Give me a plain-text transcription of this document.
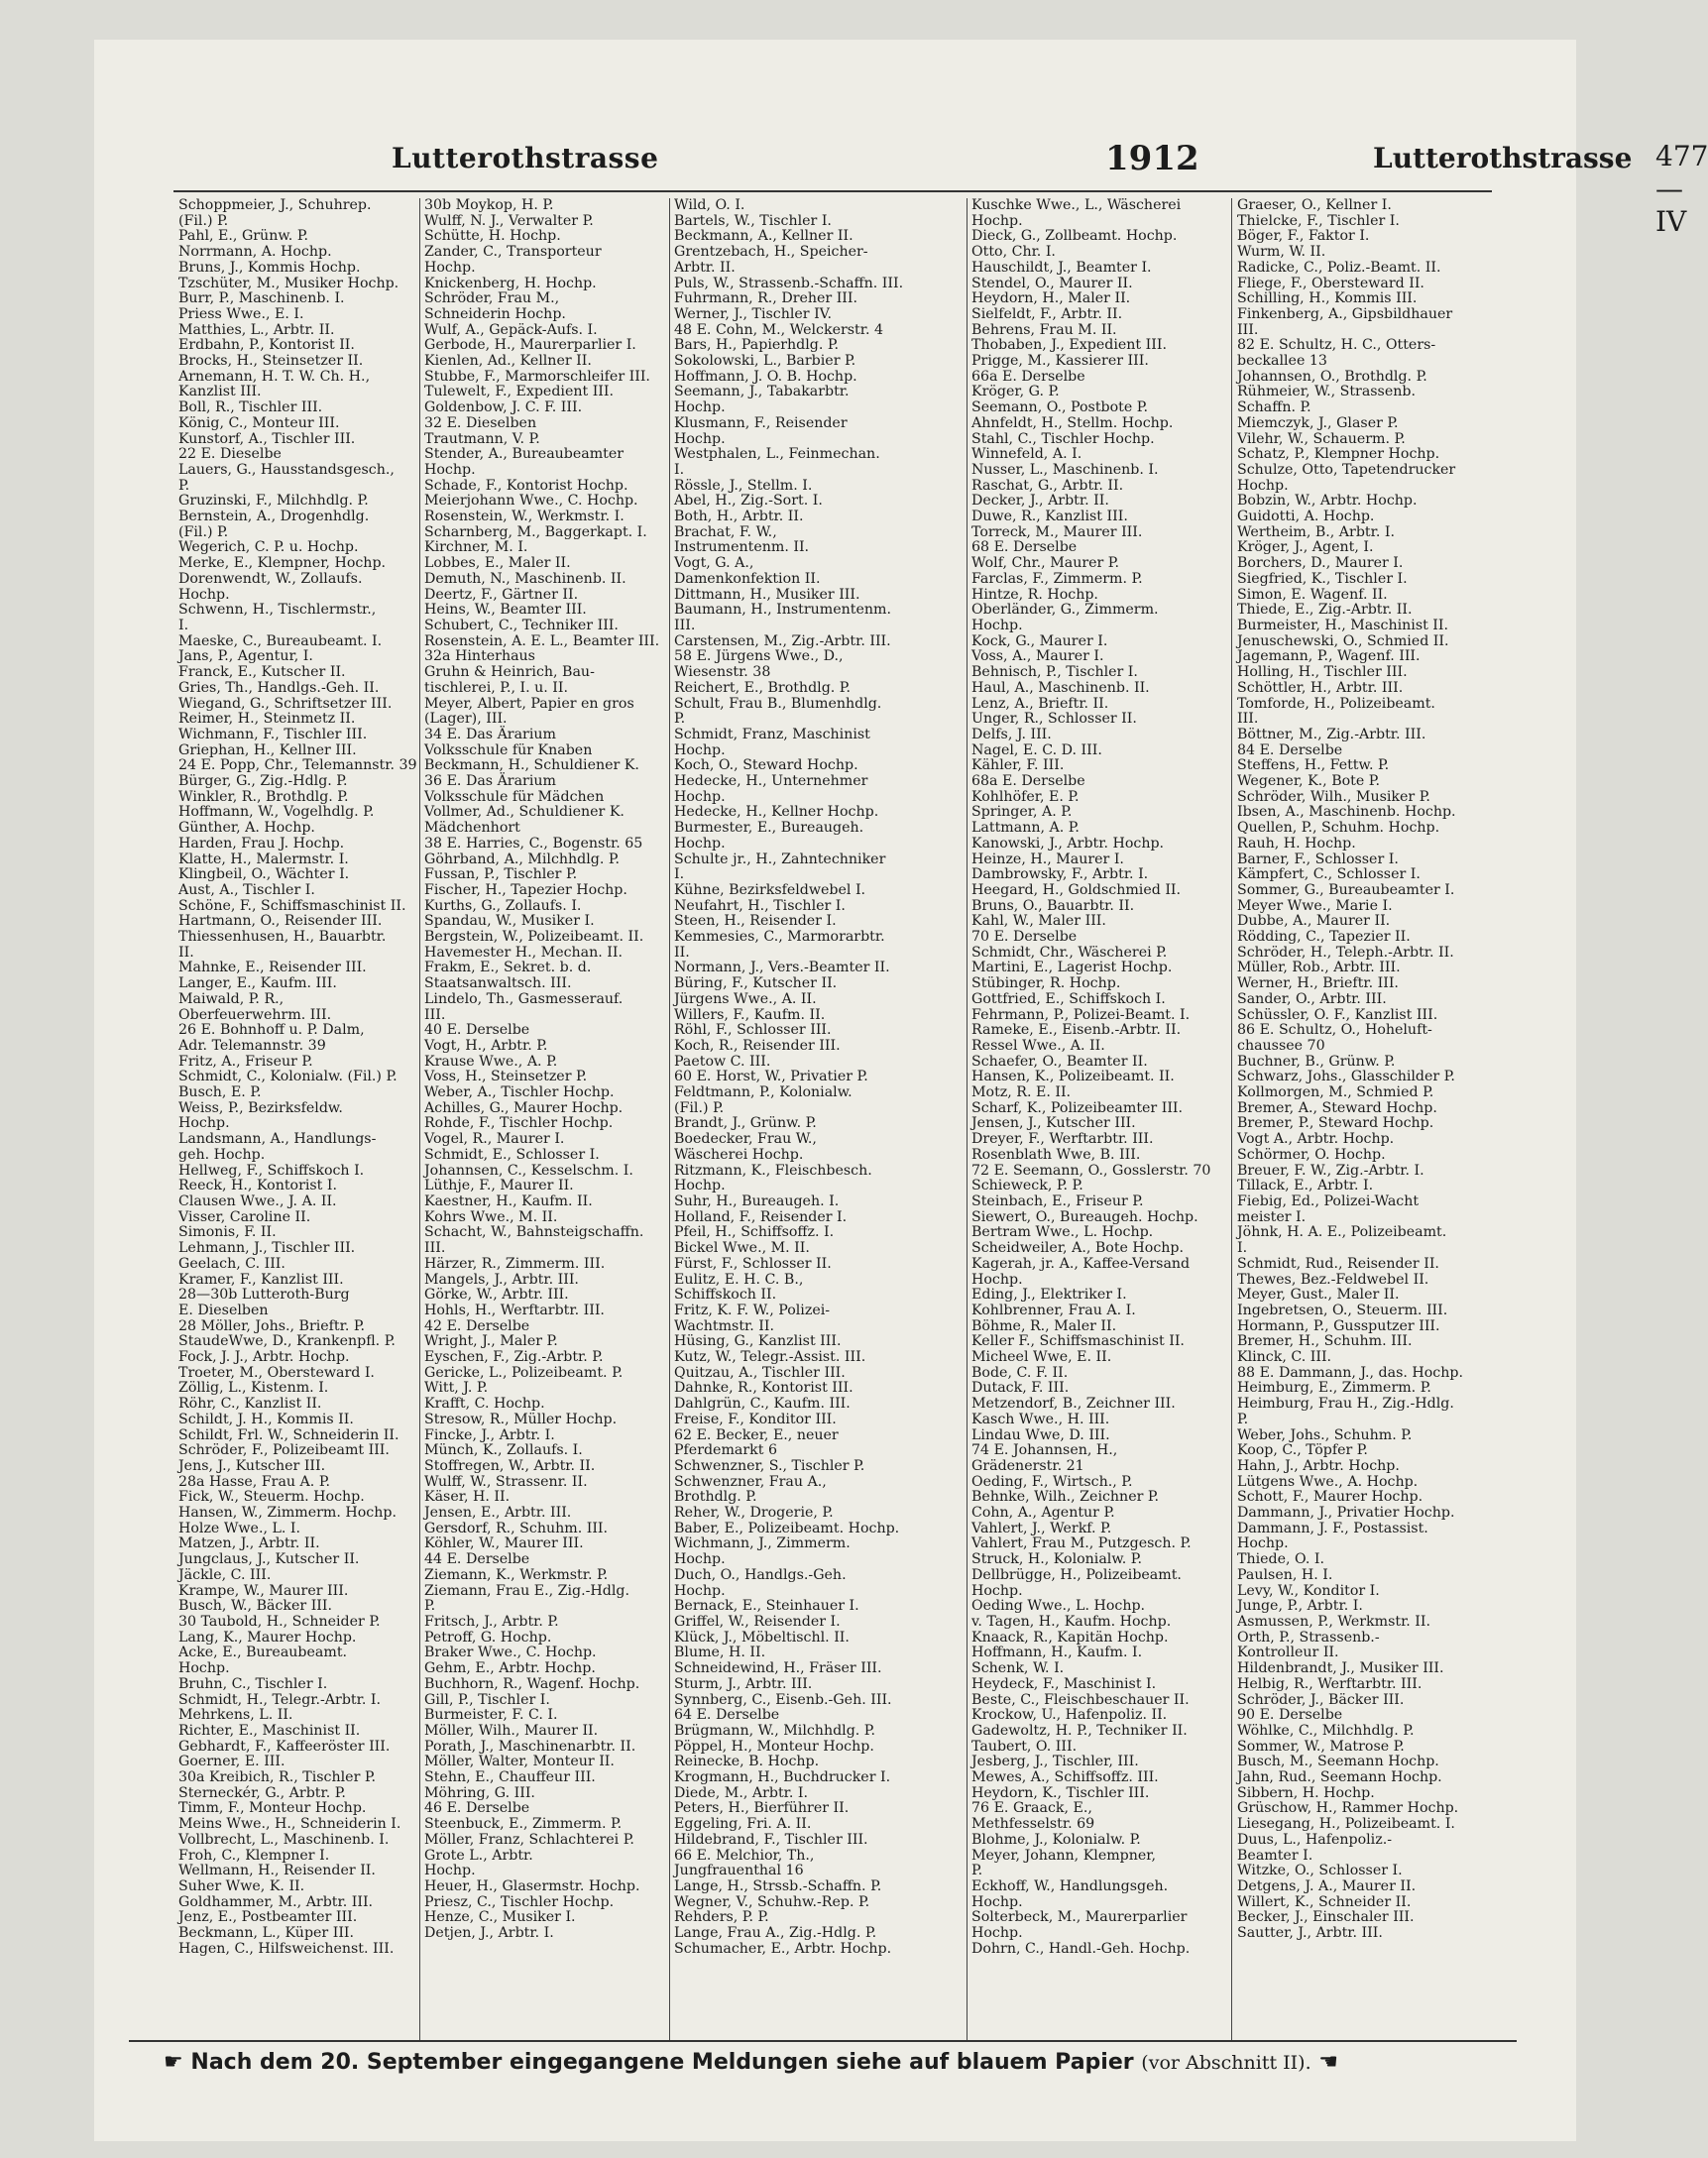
Lutterothstrasse	1912	Lutterothstrasse 477—IV
Schoppmeier, J., Schuhrep.
(Fil.) P.
Pahl, E., Grünw. P.
Norrmann, A. Hochp.
Bruns, J., Kommis Hochp.
Tzschüter, M., Musiker Hochp.
Burr, P., Maschinenb. I.
Priess Wwe., E. I.
Matthies, L., Arbtr. II.
Erdbahn, P., Kontorist II.
Brocks, H., Steinsetzer II.
Arnemann, H. T. W. Ch. H.,
Kanzlist III.
Boll, R., Tischler III.
König, C., Monteur III.
Kunstorf, A., Tischler III.
22 E. Dieselbe
Lauers, G., Hausstandsgesch.,
P.
Gruzinski, F., Milchhdlg. P.
Bernstein, A., Drogenhdlg.
(Fil.) P.
Wegerich, C. P. u. Hochp.
Merke, E., Klempner, Hochp.
Dorenwendt, W., Zollaufs.
Hochp.
Schwenn, H., Tischlermstr.,
I.
Maeske, C., Bureaubeamt. I.
Jans, P., Agentur, I.
Franck, E., Kutscher II.
Gries, Th., Handlgs.-Geh. II.
Wiegand, G., Schriftsetzer III.
Reimer, H., Steinmetz II.
Wichmann, F., Tischler III.
Griephan, H., Kellner III.
24 E. Popp, Chr., Telemannstr. 39
Bürger, G., Zig.-Hdlg. P.
Winkler, R., Brothdlg. P.
Hoffmann, W., Vogelhdlg. P.
Günther, A. Hochp.
Harden, Frau J. Hochp.
Klatte, H., Malermstr. I.
Klingbeil, O., Wächter I.
Aust, A., Tischler I.
Schöne, F., Schiffsmaschinist II.
Hartmann, O., Reisender III.
Thiessenhusen, H., Bauarbtr.
II.
Mahnke, E., Reisender III.
Langer, E., Kaufm. III.
Maiwald, P. R.,
Oberfeuerwehrm. III.
26 E. Bohnhoff u. P. Dalm,
Adr. Telemannstr. 39
Fritz, A., Friseur P.
Schmidt, C., Kolonialw. (Fil.) P.
Busch, E. P.
Weiss, P., Bezirksfeldw.
Hochp.
Landsmann, A., Handlungs-
geh. Hochp.
Hellweg, F., Schiffskoch I.
Reeck, H., Kontorist I.
Clausen Wwe., J. A. II.
Visser, Caroline II.
Simonis, F. II.
Lehmann, J., Tischler III.
Geelach, C. III.
Kramer, F., Kanzlist III.
28—30b Lutteroth-Burg
E. Dieselben
28 Möller, Johs., Brieftr. P.
StaudeWwe, D., Krankenpfl. P.
Fock, J. J., Arbtr. Hochp.
Troeter, M., Obersteward I.
Zöllig, L., Kistenm. I.
Röhr, C., Kanzlist II.
Schildt, J. H., Kommis II.
Schildt, Frl. W., Schneiderin II.
Schröder, F., Polizeibeamt III.
Jens, J., Kutscher III.
28a Hasse, Frau A. P.
Fick, W., Steuerm. Hochp.
Hansen, W., Zimmerm. Hochp.
Holze Wwe., L. I.
Matzen, J., Arbtr. II.
Jungclaus, J., Kutscher II.
Jäckle, C. III.
Krampe, W., Maurer III.
Busch, W., Bäcker III.
30 Taubold, H., Schneider P.
Lang, K., Maurer Hochp.
Acke, E., Bureaubeamt.
Hochp.
Bruhn, C., Tischler I.
Schmidt, H., Telegr.-Arbtr. I.
Mehrkens, L. II.
Richter, E., Maschinist II.
Gebhardt, F., Kaffeeröster III.
Goerner, E. III.
30a Kreibich, R., Tischler P.
Sterneckér, G., Arbtr. P.
Timm, F., Monteur Hochp.
Meins Wwe., H., Schneiderin I.
Vollbrecht, L., Maschinenb. I.
Froh, C., Klempner I.
Wellmann, H., Reisender II.
Suher Wwe, K. II.
Goldhammer, M., Arbtr. III.
Jenz, E., Postbeamter III.
Beckmann, L., Küper III.
Hagen, C., Hilfsweichenst. III.
30b Moykop, H. P.
Wulff, N. J., Verwalter P.
Schütte, H. Hochp.
Zander, C., Transporteur
Hochp.
Knickenberg, H. Hochp.
Schröder, Frau M.,
Schneiderin Hochp.
Wulf, A., Gepäck-Aufs. I.
Gerbode, H., Maurerparlier I.
Kienlen, Ad., Kellner II.
Stubbe, F., Marmorschleifer III.
Tulewelt, F., Expedient III.
Goldenbow, J. C. F. III.
32 E. Dieselben
Trautmann, V. P.
Stender, A., Bureaubeamter
Hochp.
Schade, F., Kontorist Hochp.
Meierjohann Wwe., C. Hochp.
Rosenstein, W., Werkmstr. I.
Scharnberg, M., Baggerkapt. I.
Kirchner, M. I.
Lobbes, E., Maler II.
Demuth, N., Maschinenb. II.
Deertz, F., Gärtner II.
Heins, W., Beamter III.
Schubert, C., Techniker III.
Rosenstein, A. E. L., Beamter III.
32a Hinterhaus
Gruhn & Heinrich, Bau-
tischlerei, P., I. u. II.
Meyer, Albert, Papier en gros
(Lager), III.
34 E. Das Ärarium
Volksschule für Knaben
Beckmann, H., Schuldiener K.
36 E. Das Ärarium
Volksschule für Mädchen
Vollmer, Ad., Schuldiener K.
Mädchenhort
38 E. Harries, C., Bogenstr. 65
Göhrband, A., Milchhdlg. P.
Fussan, P., Tischler P.
Fischer, H., Tapezier Hochp.
Kurths, G., Zollaufs. I.
Spandau, W., Musiker I.
Bergstein, W., Polizeibeamt. II.
Havemester H., Mechan. II.
Frakm, E., Sekret. b. d.
Staatsanwaltsch. III.
Lindelo, Th., Gasmesserauf.
III.
40 E. Derselbe
Vogt, H., Arbtr. P.
Krause Wwe., A. P.
Voss, H., Steinsetzer P.
Weber, A., Tischler Hochp.
Achilles, G., Maurer Hochp.
Rohde, F., Tischler Hochp.
Vogel, R., Maurer I.
Schmidt, E., Schlosser I.
Johannsen, C., Kesselschm. I.
Lüthje, F., Maurer II.
Kaestner, H., Kaufm. II.
Kohrs Wwe., M. II.
Schacht, W., Bahnsteigschaffn.
III.
Härzer, R., Zimmerm. III.
Mangels, J., Arbtr. III.
Görke, W., Arbtr. III.
Hohls, H., Werftarbtr. III.
42 E. Derselbe
Wright, J., Maler P.
Eyschen, F., Zig.-Arbtr. P.
Gericke, L., Polizeibeamt. P.
Witt, J. P.
Krafft, C. Hochp.
Stresow, R., Müller Hochp.
Fincke, J., Arbtr. I.
Münch, K., Zollaufs. I.
Stoffregen, W., Arbtr. II.
Wulff, W., Strassenr. II.
Käser, H. II.
Jensen, E., Arbtr. III.
Gersdorf, R., Schuhm. III.
Köhler, W., Maurer III.
44 E. Derselbe
Ziemann, K., Werkmstr. P.
Ziemann, Frau E., Zig.-Hdlg.
P.
Fritsch, J., Arbtr. P.
Petroff, G. Hochp.
Braker Wwe., C. Hochp.
Gehm, E., Arbtr. Hochp.
Buchhorn, R., Wagenf. Hochp.
Gill, P., Tischler I.
Burmeister, F. C. I.
Möller, Wilh., Maurer II.
Porath, J., Maschinenarbtr. II.
Möller, Walter, Monteur II.
Stehn, E., Chauffeur III.
Möhring, G. III.
46 E. Derselbe
Steenbuck, E., Zimmerm. P.
Möller, Franz, Schlachterei P.
Grote L., Arbtr.
Hochp.
Heuer, H., Glasermstr. Hochp.
Priesz, C., Tischler Hochp.
Henze, C., Musiker I.
Detjen, J., Arbtr. I.
Wild, O. I.
Bartels, W., Tischler I.
Beckmann, A., Kellner II.
Grentzebach, H., Speicher-
Arbtr. II.
Puls, W., Strassenb.-Schaffn. III.
Fuhrmann, R., Dreher III.
Werner, J., Tischler IV.
48 E. Cohn, M., Welckerstr. 4
Bars, H., Papierhdlg. P.
Sokolowski, L., Barbier P.
Hoffmann, J. O. B. Hochp.
Seemann, J., Tabakarbtr.
Hochp.
Klusmann, F., Reisender
Hochp.
Westphalen, L., Feinmechan.
I.
Rössle, J., Stellm. I.
Abel, H., Zig.-Sort. I.
Both, H., Arbtr. II.
Brachat, F. W.,
Instrumentenm. II.
Vogt, G. A.,
Damenkonfektion II.
Dittmann, H., Musiker III.
Baumann, H., Instrumentenm.
III.
Carstensen, M., Zig.-Arbtr. III.
58 E. Jürgens Wwe., D.,
Wiesenstr. 38
Reichert, E., Brothdlg. P.
Schult, Frau B., Blumenhdlg.
P.
Schmidt, Franz, Maschinist
Hochp.
Koch, O., Steward Hochp.
Hedecke, H., Unternehmer
Hochp.
Hedecke, H., Kellner Hochp.
Burmester, E., Bureaugeh.
Hochp.
Schulte jr., H., Zahntechniker
I.
Kühne, Bezirksfeldwebel I.
Neufahrt, H., Tischler I.
Steen, H., Reisender I.
Kemmesies, C., Marmorarbtr.
II.
Normann, J., Vers.-Beamter II.
Büring, F., Kutscher II.
Jürgens Wwe., A. II.
Willers, F., Kaufm. II.
Röhl, F., Schlosser III.
Koch, R., Reisender III.
Paetow C. III.
60 E. Horst, W., Privatier P.
Feldtmann, P., Kolonialw.
(Fil.) P.
Brandt, J., Grünw. P.
Boedecker, Frau W.,
Wäscherei Hochp.
Ritzmann, K., Fleischbesch.
Hochp.
Suhr, H., Bureaugeh. I.
Holland, F., Reisender I.
Pfeil, H., Schiffsoffz. I.
Bickel Wwe., M. II.
Fürst, F., Schlosser II.
Eulitz, E. H. C. B.,
Schiffskoch II.
Fritz, K. F. W., Polizei-
Wachtmstr. II.
Hüsing, G., Kanzlist III.
Kutz, W., Telegr.-Assist. III.
Quitzau, A., Tischler III.
Dahnke, R., Kontorist III.
Dahlgrün, C., Kaufm. III.
Freise, F., Konditor III.
62 E. Becker, E., neuer
Pferdemarkt 6
Schwenzner, S., Tischler P.
Schwenzner, Frau A.,
Brothdlg. P.
Reher, W., Drogerie, P.
Baber, E., Polizeibeamt. Hochp.
Wichmann, J., Zimmerm.
Hochp.
Duch, O., Handlgs.-Geh.
Hochp.
Bernack, E., Steinhauer I.
Griffel, W., Reisender I.
Klück, J., Möbeltischl. II.
Blume, H. II.
Schneidewind, H., Fräser III.
Sturm, J., Arbtr. III.
Synnberg, C., Eisenb.-Geh. III.
64 E. Derselbe
Brügmann, W., Milchhdlg. P.
Pöppel, H., Monteur Hochp.
Reinecke, B. Hochp.
Krogmann, H., Buchdrucker I.
Diede, M., Arbtr. I.
Peters, H., Bierführer II.
Eggeling, Fri. A. II.
Hildebrand, F., Tischler III.
66 E. Melchior, Th.,
Jungfrauenthal 16
Lange, H., Strssb.-Schaffn. P.
Wegner, V., Schuhw.-Rep. P.
Rehders, P. P.
Lange, Frau A., Zig.-Hdlg. P.
Schumacher, E., Arbtr. Hochp.
Kuschke Wwe., L., Wäscherei
Hochp.
Dieck, G., Zollbeamt. Hochp.
Otto, Chr. I.
Hauschildt, J., Beamter I.
Stendel, O., Maurer II.
Heydorn, H., Maler II.
Sielfeldt, F., Arbtr. II.
Behrens, Frau M. II.
Thobaben, J., Expedient III.
Prigge, M., Kassierer III.
66a E. Derselbe
Kröger, G. P.
Seemann, O., Postbote P.
Ahnfeldt, H., Stellm. Hochp.
Stahl, C., Tischler Hochp.
Winnefeld, A. I.
Nusser, L., Maschinenb. I.
Raschat, G., Arbtr. II.
Decker, J., Arbtr. II.
Duwe, R., Kanzlist III.
Torreck, M., Maurer III.
68 E. Derselbe
Wolf, Chr., Maurer P.
Farclas, F., Zimmerm. P.
Hintze, R. Hochp.
Oberländer, G., Zimmerm.
Hochp.
Kock, G., Maurer I.
Voss, A., Maurer I.
Behnisch, P., Tischler I.
Haul, A., Maschinenb. II.
Lenz, A., Brieftr. II.
Unger, R., Schlosser II.
Delfs, J. III.
Nagel, E. C. D. III.
Kähler, F. III.
68a E. Derselbe
Kohlhöfer, E. P.
Springer, A. P.
Lattmann, A. P.
Kanowski, J., Arbtr. Hochp.
Heinze, H., Maurer I.
Dambrowsky, F., Arbtr. I.
Heegard, H., Goldschmied II.
Bruns, O., Bauarbtr. II.
Kahl, W., Maler III.
70 E. Derselbe
Schmidt, Chr., Wäscherei P.
Martini, E., Lagerist Hochp.
Stübinger, R. Hochp.
Gottfried, E., Schiffskoch I.
Fehrmann, P., Polizei-Beamt. I.
Rameke, E., Eisenb.-Arbtr. II.
Ressel Wwe., A. II.
Schaefer, O., Beamter II.
Hansen, K., Polizeibeamt. II.
Motz, R. E. II.
Scharf, K., Polizeibeamter III.
Jensen, J., Kutscher III.
Dreyer, F., Werftarbtr. III.
Rosenblath Wwe, B. III.
72 E. Seemann, O., Gosslerstr. 70
Schieweck, P. P.
Steinbach, E., Friseur P.
Siewert, O., Bureaugeh. Hochp.
Bertram Wwe., L. Hochp.
Scheidweiler, A., Bote Hochp.
Kagerah, jr. A., Kaffee-Versand
Hochp.
Eding, J., Elektriker I.
Kohlbrenner, Frau A. I.
Böhme, R., Maler II.
Keller F., Schiffsmaschinist II.
Micheel Wwe, E. II.
Bode, C. F. II.
Dutack, F. III.
Metzendorf, B., Zeichner III.
Kasch Wwe., H. III.
Lindau Wwe, D. III.
74 E. Johannsen, H.,
Grädenerstr. 21
Oeding, F., Wirtsch., P.
Behnke, Wilh., Zeichner P.
Cohn, A., Agentur P.
Vahlert, J., Werkf. P.
Vahlert, Frau M., Putzgesch. P.
Struck, H., Kolonialw. P.
Dellbrügge, H., Polizeibeamt.
Hochp.
Oeding Wwe., L. Hochp.
v. Tagen, H., Kaufm. Hochp.
Knaack, R., Kapitän Hochp.
Hoffmann, H., Kaufm. I.
Schenk, W. I.
Heydeck, F., Maschinist I.
Beste, C., Fleischbeschauer II.
Krockow, U., Hafenpoliz. II.
Gadewoltz, H. P., Techniker II.
Taubert, O. III.
Jesberg, J., Tischler, III.
Mewes, A., Schiffsoffz. III.
Heydorn, K., Tischler III.
76 E. Graack, E.,
Methfesselstr. 69
Blohme, J., Kolonialw. P.
Meyer, Johann, Klempner,
P.
Eckhoff, W., Handlungsgeh.
Hochp.
Solterbeck, M., Maurerparlier
Hochp.
Dohrn, C., Handl.-Geh. Hochp.
Graeser, O., Kellner I.
Thielcke, F., Tischler I.
Böger, F., Faktor I.
Wurm, W. II.
Radicke, C., Poliz.-Beamt. II.
Fliege, F., Obersteward II.
Schilling, H., Kommis III.
Finkenberg, A., Gipsbildhauer
III.
82 E. Schultz, H. C., Otters-
beckallee 13
Johannsen, O., Brothdlg. P.
Rühmeier, W., Strassenb.
Schaffn. P.
Miemczyk, J., Glaser P.
Vilehr, W., Schauerm. P.
Schatz, P., Klempner Hochp.
Schulze, Otto, Tapetendrucker
Hochp.
Bobzin, W., Arbtr. Hochp.
Guidotti, A. Hochp.
Wertheim, B., Arbtr. I.
Kröger, J., Agent, I.
Borchers, D., Maurer I.
Siegfried, K., Tischler I.
Simon, E. Wagenf. II.
Thiede, E., Zig.-Arbtr. II.
Burmeister, H., Maschinist II.
Jenuschewski, O., Schmied II.
Jagemann, P., Wagenf. III.
Holling, H., Tischler III.
Schöttler, H., Arbtr. III.
Tomforde, H., Polizeibeamt.
III.
Böttner, M., Zig.-Arbtr. III.
84 E. Derselbe
Steffens, H., Fettw. P.
Wegener, K., Bote P.
Schröder, Wilh., Musiker P.
Ibsen, A., Maschinenb. Hochp.
Quellen, P., Schuhm. Hochp.
Rauh, H. Hochp.
Barner, F., Schlosser I.
Kämpfert, C., Schlosser I.
Sommer, G., Bureaubeamter I.
Meyer Wwe., Marie I.
Dubbe, A., Maurer II.
Rödding, C., Tapezier II.
Schröder, H., Teleph.-Arbtr. II.
Müller, Rob., Arbtr. III.
Werner, H., Brieftr. III.
Sander, O., Arbtr. III.
Schüssler, O. F., Kanzlist III.
86 E. Schultz, O., Hoheluft-
chaussee 70
Buchner, B., Grünw. P.
Schwarz, Johs., Glasschilder P.
Kollmorgen, M., Schmied P.
Bremer, A., Steward Hochp.
Bremer, P., Steward Hochp.
Vogt A., Arbtr. Hochp.
Schörmer, O. Hochp.
Breuer, F. W., Zig.-Arbtr. I.
Tillack, E., Arbtr. I.
Fiebig, Ed., Polizei-Wacht
meister I.
Jöhnk, H. A. E., Polizeibeamt.
I.
Schmidt, Rud., Reisender II.
Thewes, Bez.-Feldwebel II.
Meyer, Gust., Maler II.
Ingebretsen, O., Steuerm. III.
Hormann, P., Gussputzer III.
Bremer, H., Schuhm. III.
Klinck, C. III.
88 E. Dammann, J., das. Hochp.
Heimburg, E., Zimmerm. P.
Heimburg, Frau H., Zig.-Hdlg.
P.
Weber, Johs., Schuhm. P.
Koop, C., Töpfer P.
Hahn, J., Arbtr. Hochp.
Lütgens Wwe., A. Hochp.
Schott, F., Maurer Hochp.
Dammann, J., Privatier Hochp.
Dammann, J. F., Postassist.
Hochp.
Thiede, O. I.
Paulsen, H. I.
Levy, W., Konditor I.
Junge, P., Arbtr. I.
Asmussen, P., Werkmstr. II.
Orth, P., Strassenb.-
Kontrolleur II.
Hildenbrandt, J., Musiker III.
Helbig, R., Werftarbtr. III.
Schröder, J., Bäcker III.
90 E. Derselbe
Wöhlke, C., Milchhdlg. P.
Sommer, W., Matrose P.
Busch, M., Seemann Hochp.
Jahn, Rud., Seemann Hochp.
Sibbern, H. Hochp.
Grüschow, H., Rammer Hochp.
Liesegang, H., Polizeibeamt. I.
Duus, L., Hafenpoliz.-
Beamter I.
Witzke, O., Schlosser I.
Detgens, J. A., Maurer II.
Willert, K., Schneider II.
Becker, J., Einschaler III.
Sautter, J., Arbtr. III.
☛ Nach dem 20. September eingegangene Meldungen siehe auf blauem Papier (vor Abschnitt II). ☚
